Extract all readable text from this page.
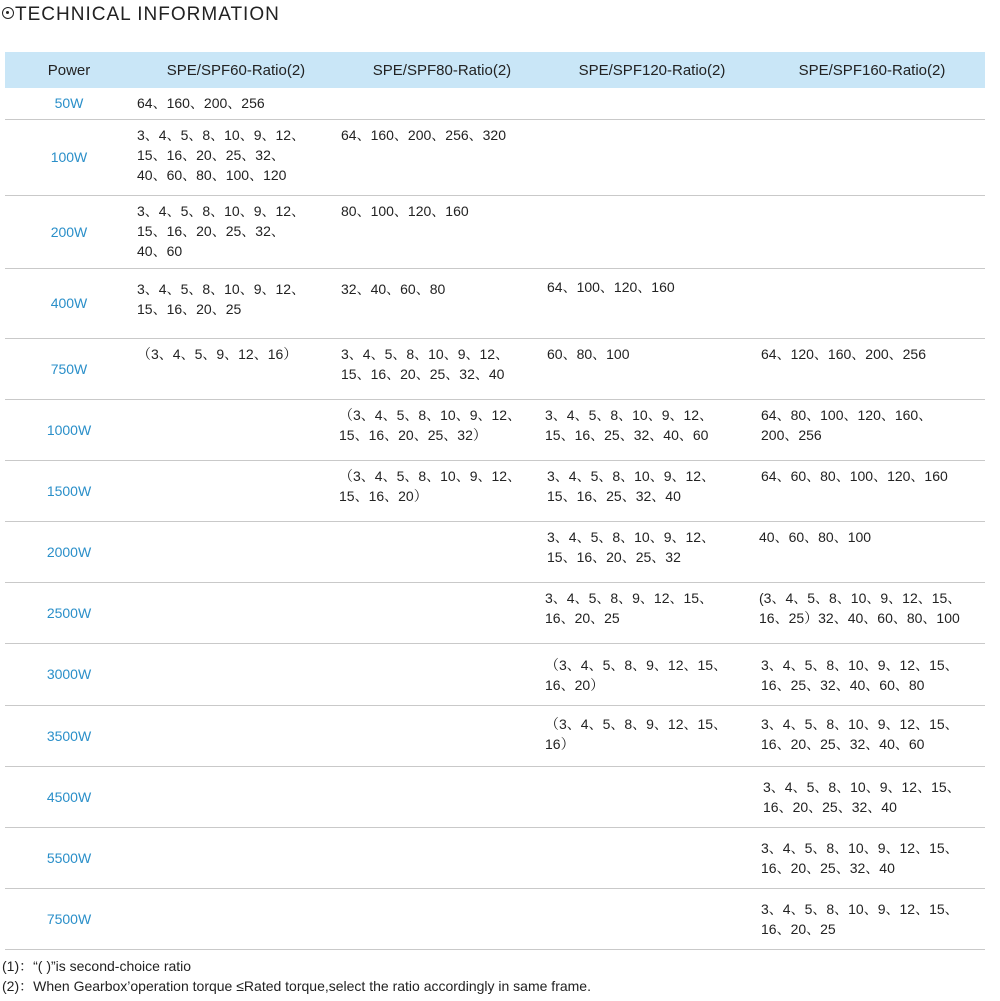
TECHNICAL INFORMATION
Power	SPE/SPF60-Ratio(2)	SPE/SPF80-Ratio(2)	SPE/SPF120-Ratio(2)	SPE/SPF160-Ratio(2)
50W	64、160、200、256			

100W	3、4、5、8、10、9、12、
15、16、20、25、32、
40、60、80、100、120	64、160、200、256、320		

200W	3、4、5、8、10、9、12、
15、16、20、25、32、
40、60	80、100、120、160		

400W	3、4、5、8、10、9、12、
15、16、20、25	32、40、60、80	64、100、120、160	

750W	（3、4、5、9、12、16）	3、4、5、8、10、9、12、
15、16、20、25、32、40	60、80、100	64、120、160、200、256

1000W		（3、4、5、8、10、9、12、
15、16、20、25、32）	3、4、5、8、10、9、12、
15、16、25、32、40、60	64、80、100、120、160、
200、256

1500W		（3、4、5、8、10、9、12、
15、16、20）	3、4、5、8、10、9、12、
15、16、25、32、40	64、60、80、100、120、160

2000W			3、4、5、8、10、9、12、
15、16、20、25、32	40、60、80、100

2500W			3、4、5、8、9、12、15、
16、20、25	(3、4、5、8、10、9、12、15、
16、25）32、40、60、80、100

3000W			（3、4、5、8、9、12、15、
16、20）	3、4、5、8、10、9、12、15、
16、25、32、40、60、80

3500W			（3、4、5、8、9、12、15、
16）	3、4、5、8、10、9、12、15、
16、20、25、32、40、60

4500W				3、4、5、8、10、9、12、15、
16、20、25、32、40

5500W				3、4、5、8、10、9、12、15、
16、20、25、32、40

7500W				3、4、5、8、10、9、12、15、
16、20、25
(1)：“( )”is second-choice ratio
(2)：When Gearbox’operation torque ≤Rated torque,select the ratio accordingly in same frame.
